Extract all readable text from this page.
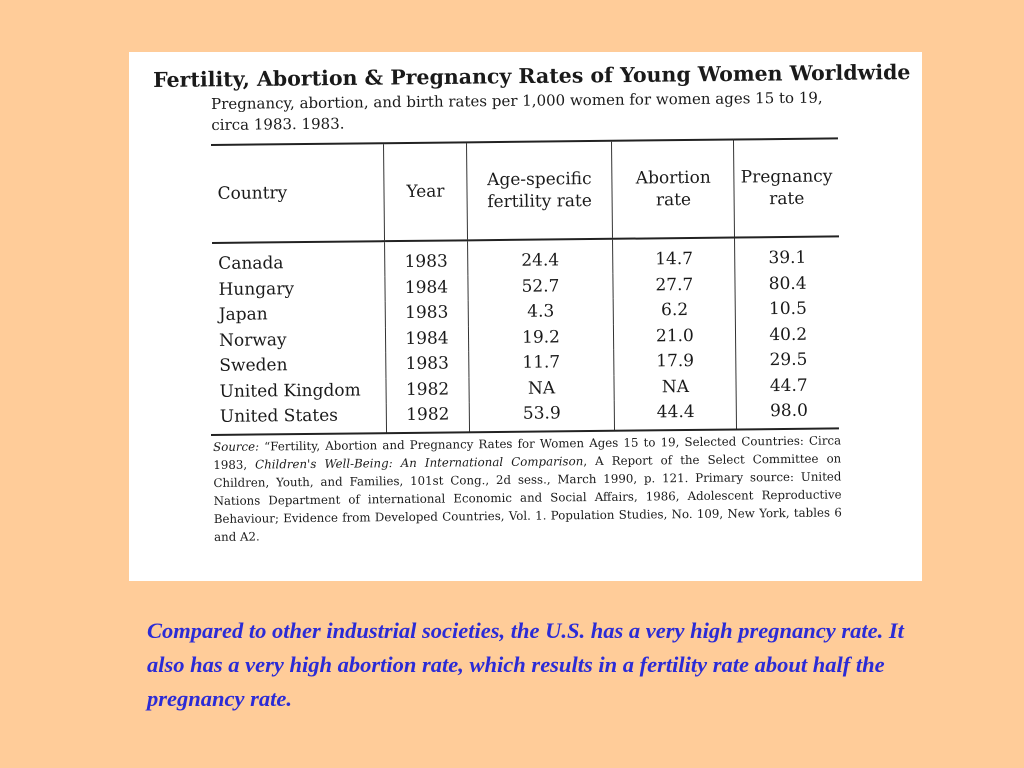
Fertility, Abortion & Pregnancy Rates of Young Women Worldwide
Pregnancy, abortion, and birth rates per 1,000 women for women ages 15 to 19, circa 1983. 1983.
Country	Year	Age-specific fertility rate	Abortion rate	Pregnancy rate
Canada	1983	24.4	14.7	39.1
Hungary	1984	52.7	27.7	80.4
Japan	1983	4.3	6.2	10.5
Norway	1984	19.2	21.0	40.2
Sweden	1983	11.7	17.9	29.5
United Kingdom	1982	NA	NA	44.7
United States	1982	53.9	44.4	98.0
Source: “Fertility, Abortion and Pregnancy Rates for Women Ages 15 to 19, Selected Countries: Circa 1983, Children's Well-Being: An International Comparison, A Report of the Select Committee on Children, Youth, and Families, 101st Cong., 2d sess., March 1990, p. 121. Primary source: United Nations Department of international Economic and Social Affairs, 1986, Adolescent Reproductive Behaviour; Evidence from Developed Countries, Vol. 1. Population Studies, No. 109, New York, tables 6 and A2.
Compared to other industrial societies, the U.S. has a very high pregnancy rate. It also has a very high abortion rate, which results in a fertility rate about half the pregnancy rate.
